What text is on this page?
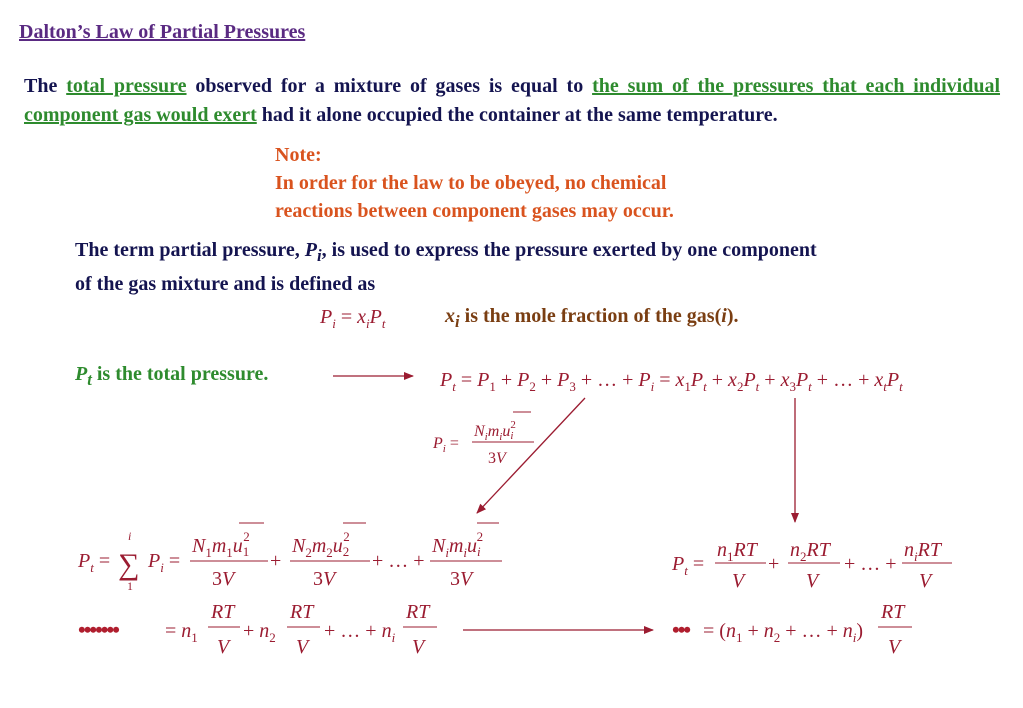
Dalton’s Law of Partial Pressures
The total pressure observed for a mixture of gases is equal to the sum of the pressures that each individual component gas would exert had it alone occupied the container at the same temperature.
Note:
In order for the law to be obeyed, no chemical
reactions between component gases may occur.
The term partial pressure, $P_i$, is used to express the pressure exerted by one component
of the gas mixture and is defined as
$x_i$ is the mole fraction of the gas(i).
$P_t$ is the total pressure.
•••••••	•••
$P_i = x_iP_t$
$P_t = P_1 + P_2 + P_3$ + … + $P_i = x_1P_t + x_2P_t + x_3P_t$ + … + $x_tP_t$
$P_i$ =
$N_im_iui2$
3V
$P_t$ = ∑
i
1
$P_i$ =
$N_1m_1u_12$
3V
+
$N_2m_2u_22$
3V
+ … +
$N_im_iu_i2$
3V
$P_t$ =
$n_1RT$
V
+
$n_2RT$
V
+ … +
$n_iRT$
V
= $n_1$
RT
V
+ $n_2$
RT
V
+ … + $n_i$
RT
V
= ($n_1 + n_2$ + … + $n_i$)
RT
V
